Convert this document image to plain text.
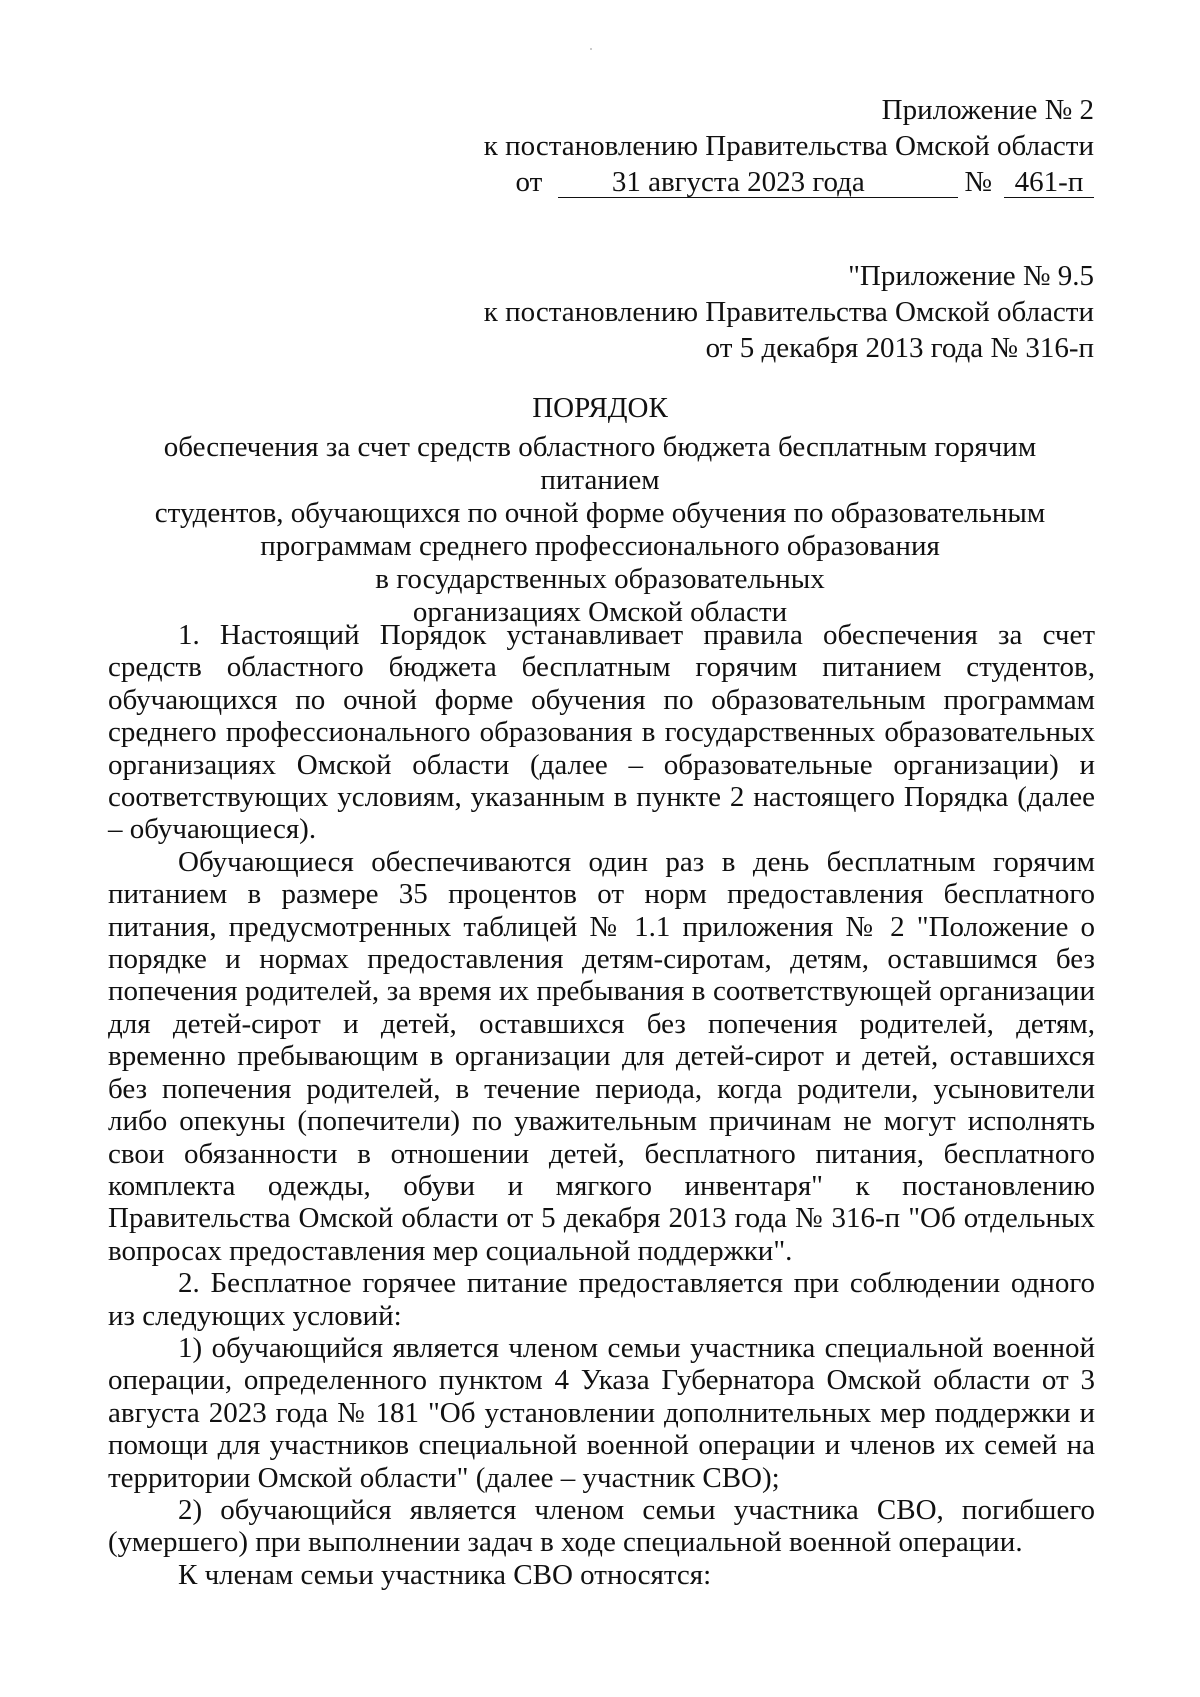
Приложение № 2
к постановлению Правительства Омской области
от	31 августа 2023 года	№ 461-п
"Приложение № 9.5
к постановлению Правительства Омской области
от 5 декабря 2013 года № 316-п
ПОРЯДОК
обеспечения за счет средств областного бюджета бесплатным горячим питанием
студентов, обучающихся по очной форме обучения по образовательным
программам среднего профессионального образования
в государственных образовательных
организациях Омской области

1. Настоящий Порядок устанавливает правила обеспечения за счет средств областного бюджета бесплатным горячим питанием студентов, обучающихся по очной форме обучения по образовательным программам среднего профессионального образования в государственных образовательных организациях Омской области (далее – образовательные организации) и соответствующих условиям, указанным в пункте 2 настоящего Порядка (далее – обучающиеся).

Обучающиеся обеспечиваются один раз в день бесплатным горячим питанием в размере 35 процентов от норм предоставления бесплатного питания, предусмотренных таблицей № 1.1 приложения № 2 "Положение о порядке и нормах предоставления детям-сиротам, детям, оставшимся без попечения родителей, за время их пребывания в соответствующей организации для детей-сирот и детей, оставшихся без попечения родителей, детям, временно пребывающим в организации для детей-сирот и детей, оставшихся без попечения родителей, в течение периода, когда родители, усыновители либо опекуны (попечители) по уважительным причинам не могут исполнять свои обязанности в отношении детей, бесплатного питания, бесплатного комплекта одежды, обуви и мягкого инвентаря" к постановлению Правительства Омской области от 5 декабря 2013 года № 316-п "Об отдельных вопросах предоставления мер социальной поддержки".

2. Бесплатное горячее питание предоставляется при соблюдении одного из следующих условий:

1) обучающийся является членом семьи участника специальной военной операции, определенного пунктом 4 Указа Губернатора Омской области от 3 августа 2023 года № 181 "Об установлении дополнительных мер поддержки и помощи для участников специальной военной операции и членов их семей на территории Омской области" (далее – участник СВО);

2) обучающийся является членом семьи участника СВО, погибшего (умершего) при выполнении задач в ходе специальной военной операции.

К членам семьи участника СВО относятся:
